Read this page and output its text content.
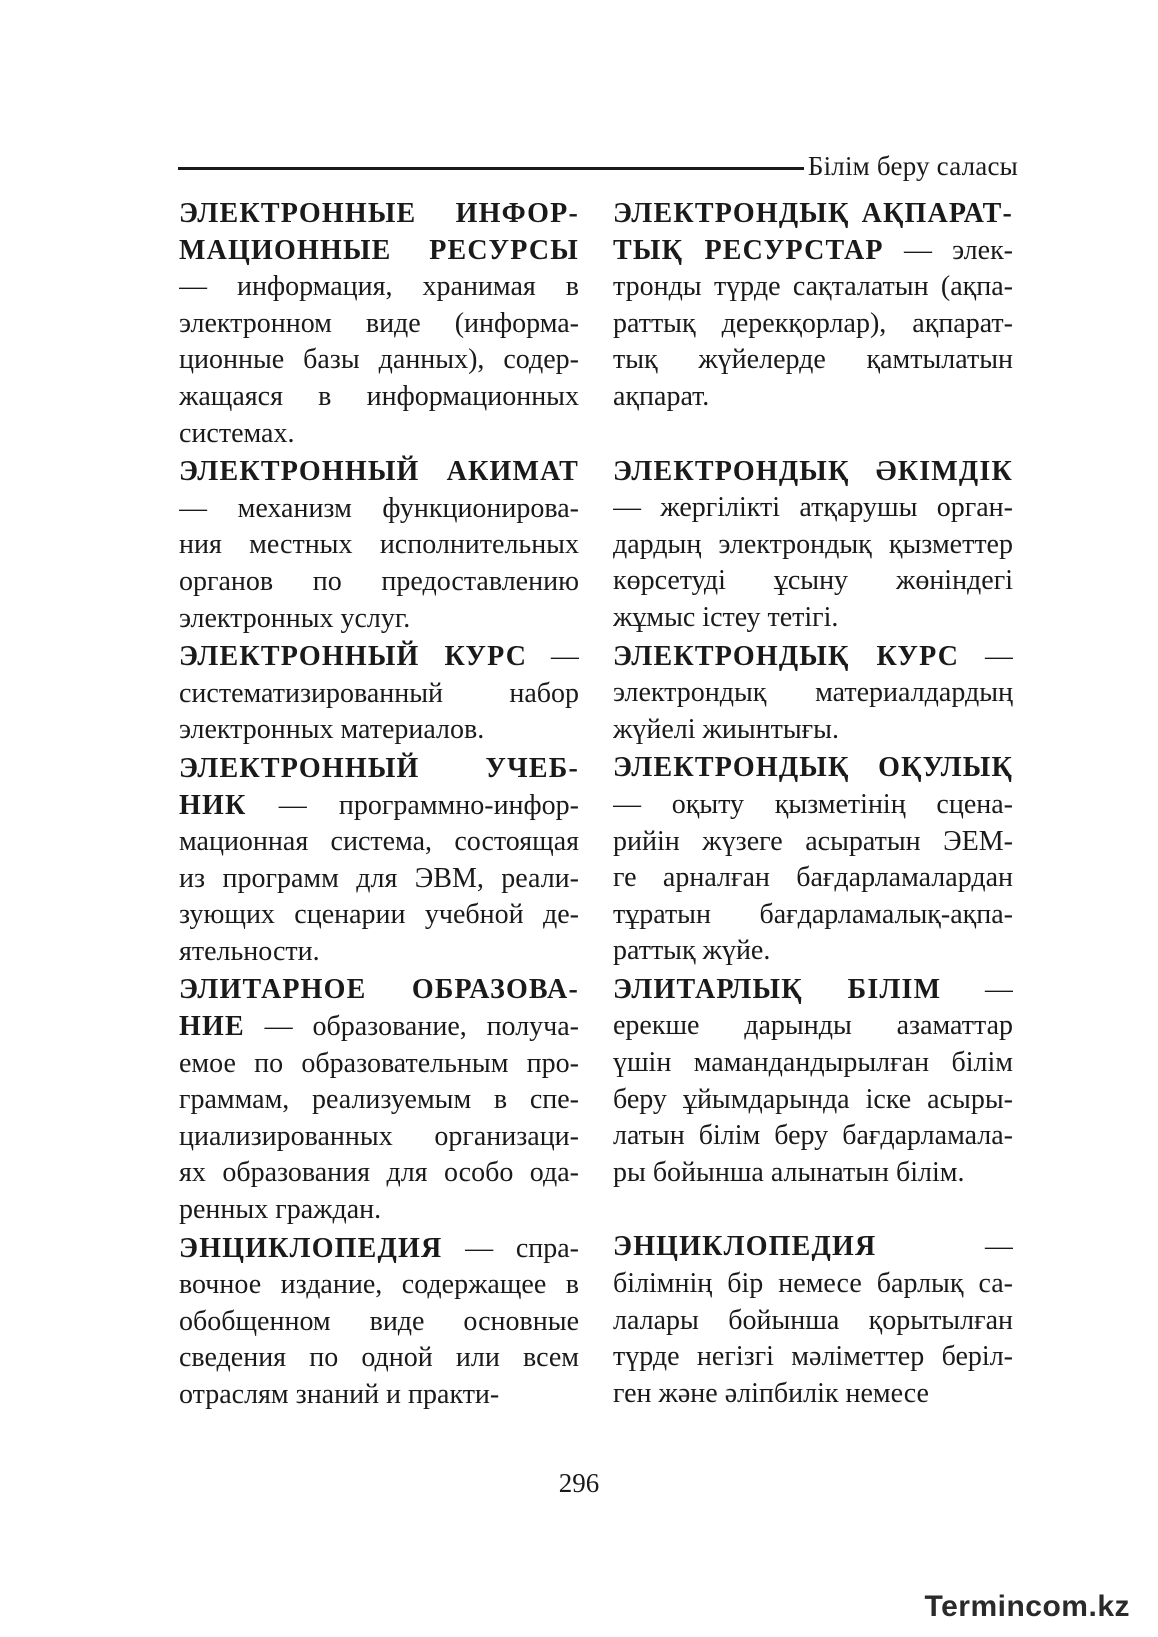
Білім беру саласы
ЭЛЕКТРОННЫЕ ИНФОР-
МАЦИОННЫЕ РЕСУРСЫ
— информация, хранимая в
электронном виде (информа-
ционные базы данных), содер-
жащаяся в информационных
системах.
ЭЛЕКТРОННЫЙ АКИМАТ
— механизм функционирова-
ния местных исполнительных
органов по предоставлению
электронных услуг.
ЭЛЕКТРОННЫЙ КУРС —
систематизированный набор
электронных материалов.
ЭЛЕКТРОННЫЙ УЧЕБ-
НИК — программно-инфор-
мационная система, состоящая
из программ для ЭВМ, реали-
зующих сценарии учебной де-
ятельности.
ЭЛИТАРНОЕ ОБРАЗОВА-
НИЕ — образование, получа-
емое по образовательным про-
граммам, реализуемым в спе-
циализированных организаци-
ях образования для особо ода-
ренных граждан.
ЭНЦИКЛОПЕДИЯ — спра-
вочное издание, содержащее в
обобщенном виде основные
сведения по одной или всем
отраслям знаний и практи-
ЭЛЕКТРОНДЫҚ АҚПАРАТ-
ТЫҚ РЕСУРСТАР — элек-
тронды түрде сақталатын (ақпа-
раттық дерекқорлар), ақпарат-
тық жүйелерде қамтылатын
ақпарат.
ЭЛЕКТРОНДЫҚ ӘКІМДІК
— жергілікті атқарушы орган-
дардың электрондық қызметтер
көрсетуді ұсыну жөніндегі
жұмыс істеу тетігі.
ЭЛЕКТРОНДЫҚ КУРС —
электрондық материалдардың
жүйелі жиынтығы.
ЭЛЕКТРОНДЫҚ ОҚУЛЫҚ
— оқыту қызметінің сцена-
рийін жүзеге асыратын ЭЕМ-
ге арналған бағдарламалардан
тұратын бағдарламалық-ақпа-
раттық жүйе.
ЭЛИТАРЛЫҚ БІЛІМ —
ерекше дарынды азаматтар
үшін мамандандырылған білім
беру ұйымдарында іске асыры-
латын білім беру бағдарламала-
ры бойынша алынатын білім.
ЭНЦИКЛОПЕДИЯ —
білімнің бір немесе барлық са-
лалары бойынша қорытылған
түрде негізгі мәліметтер беріл-
ген және әліпбилік немесе
296
Termincom.kz
